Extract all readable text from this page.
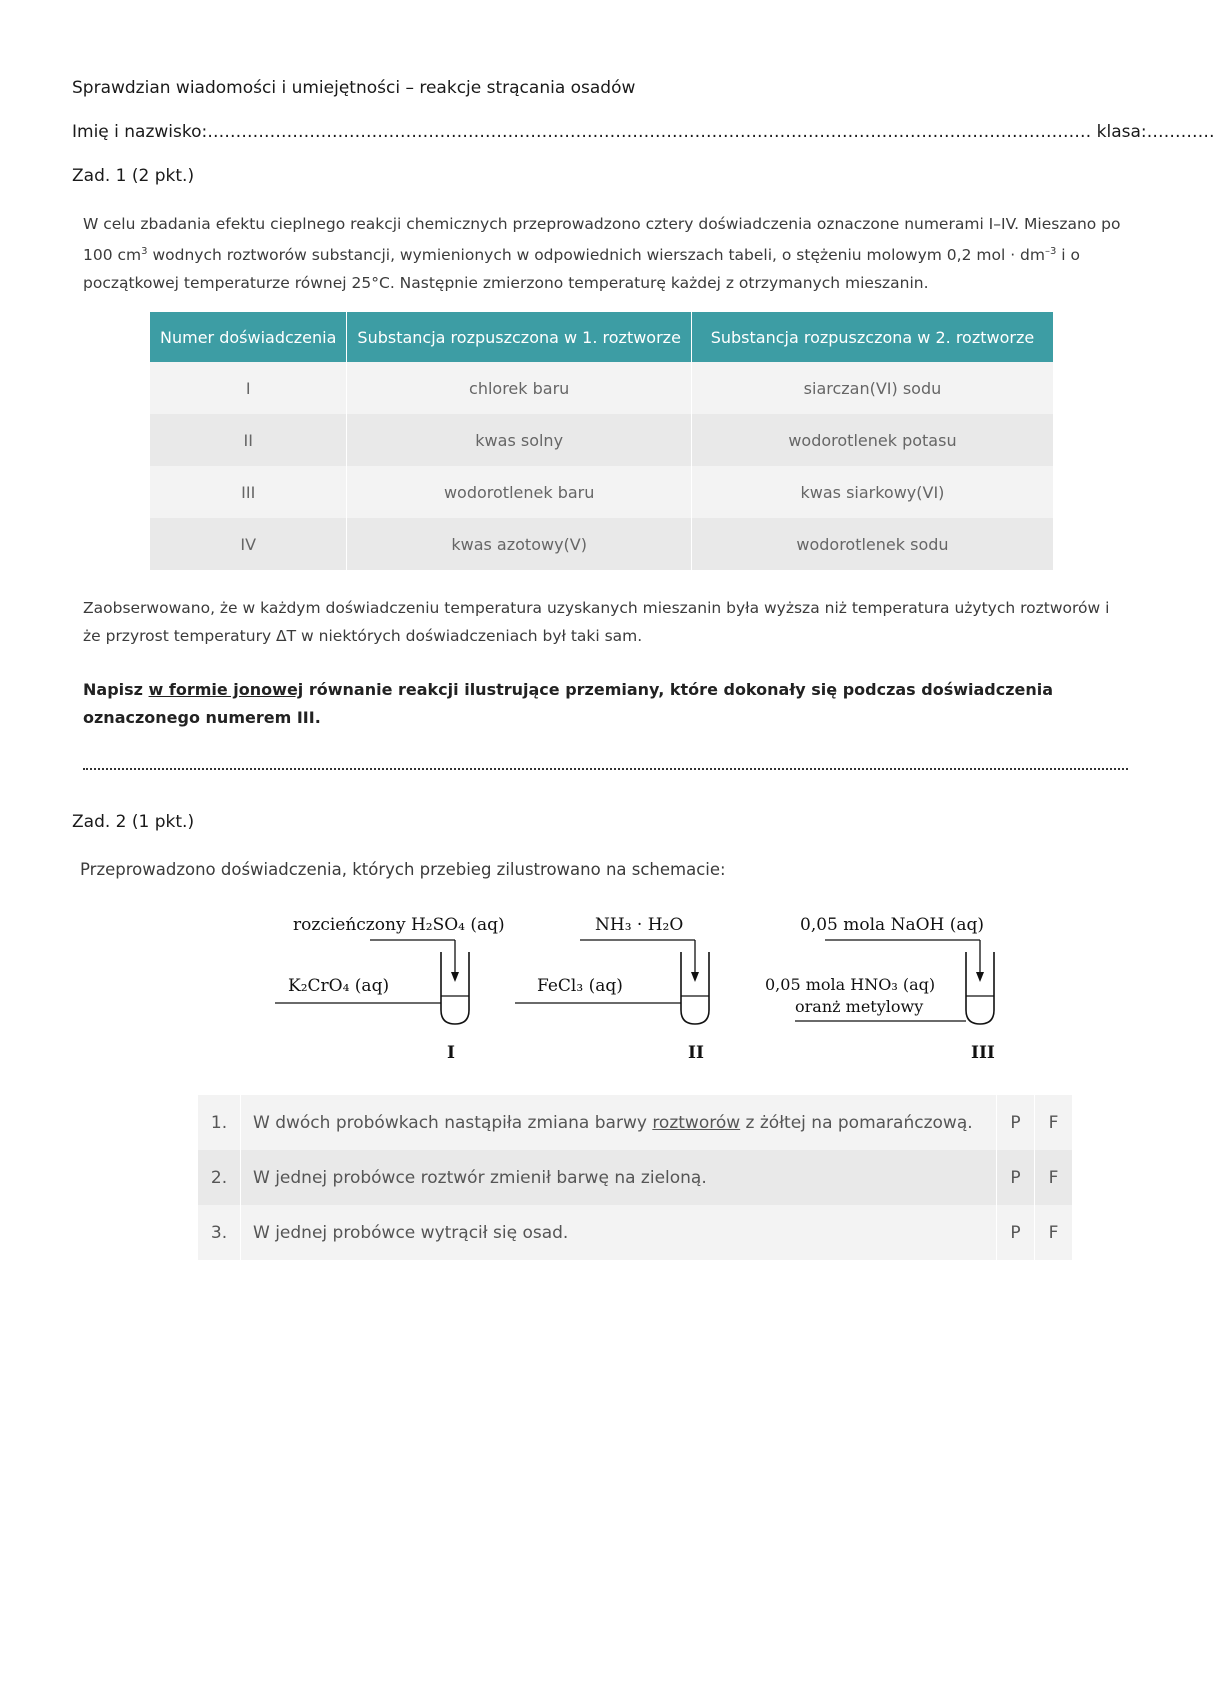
Sprawdzian wiadomości i umiejętności – reakcje strącania osadów
Imię i nazwisko:………………………………………………………………………………………………………………………………………… klasa:…………
Zad. 1 (2 pkt.)
W celu zbadania efektu cieplnego reakcji chemicznych przeprowadzono cztery doświadczenia oznaczone numerami I–IV. Mieszano po 100 $cm^3$ wodnych roztworów substancji, wymienionych w odpowiednich wierszach tabeli, o stężeniu molowym 0,2 mol · $dm^{-3}$ i o początkowej temperaturze równej 25°C. Następnie zmierzono temperaturę każdej z otrzymanych mieszanin.
Numer doświadczenia	Substancja rozpuszczona w 1. roztworze	Substancja rozpuszczona w 2. roztworze
I	chlorek baru	siarczan(VI) sodu
II	kwas solny	wodorotlenek potasu
III	wodorotlenek baru	kwas siarkowy(VI)
IV	kwas azotowy(V)	wodorotlenek sodu
Zaobserwowano, że w każdym doświadczeniu temperatura uzyskanych mieszanin była wyższa niż temperatura użytych roztworów i że przyrost temperatury ΔT w niektórych doświadczeniach był taki sam.
Napisz w formie jonowej równanie reakcji ilustrujące przemiany, które dokonały się podczas doświadczenia oznaczonego numerem III.
Zad. 2 (1 pkt.)
Przeprowadzono doświadczenia, których przebieg zilustrowano na schemacie:
rozcieńczony H₂SO₄ (aq)
K₂CrO₄ (aq)
I
NH₃ · H₂O
FeCl₃ (aq)
II
0,05 mola NaOH (aq)
0,05 mola HNO₃ (aq)
oranż metylowy
III
1.	W dwóch probówkach nastąpiła zmiana barwy roztworów z żółtej na pomarańczową.	P	F
2.	W jednej probówce roztwór zmienił barwę na zieloną.	P	F
3.	W jednej probówce wytrącił się osad.	P	F
